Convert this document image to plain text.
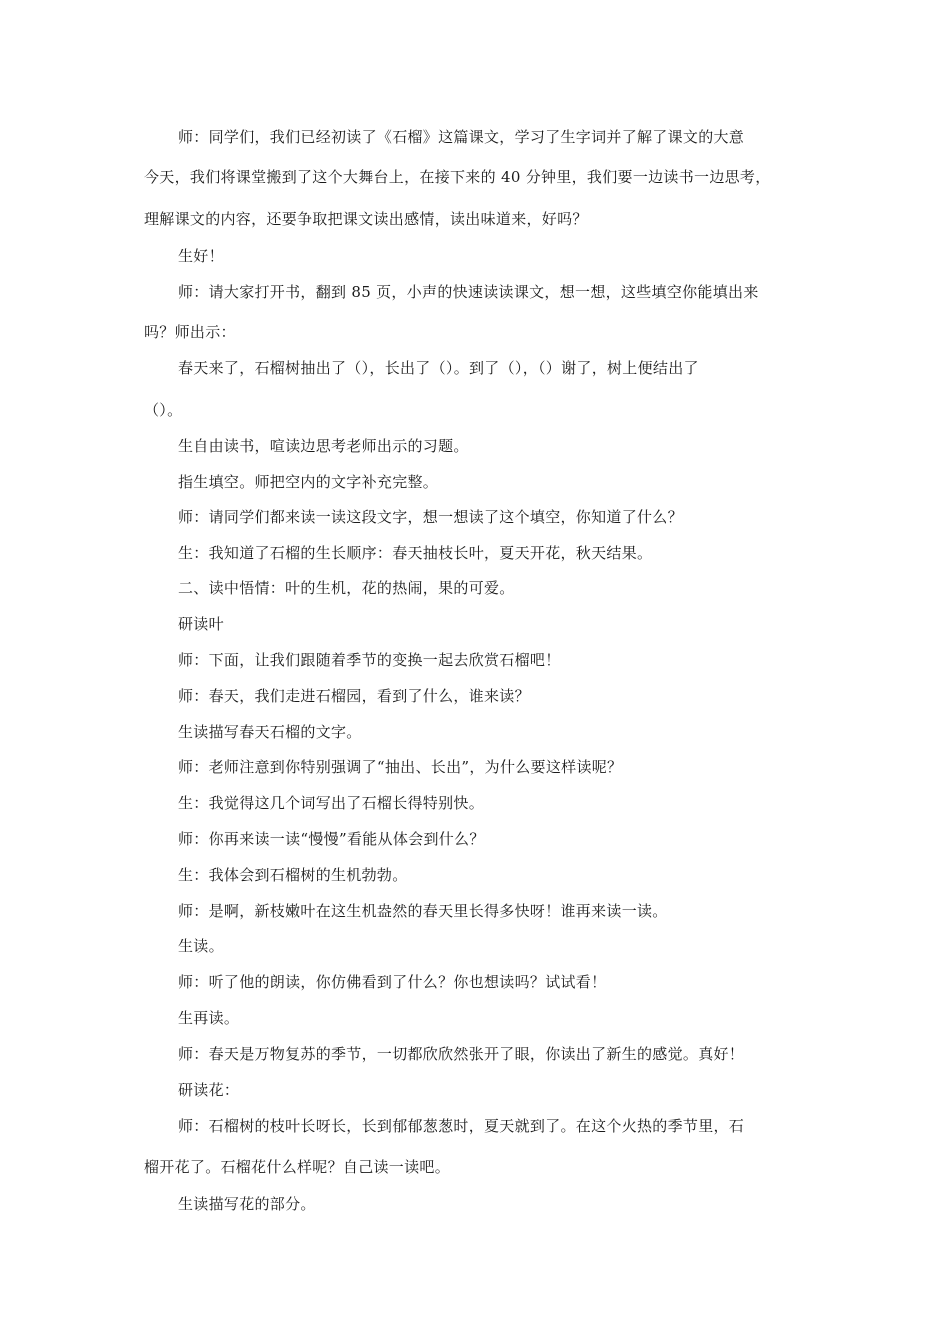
师：同学们，我们已经初读了《石榴》这篇课文，学习了生字词并了解了课文的大意
今天，我们将课堂搬到了这个大舞台上，在接下来的 40 分钟里，我们要一边读书一边思考，
理解课文的内容，还要争取把课文读出感情，读出味道来，好吗？
生好！
师：请大家打开书，翻到 85 页，小声的快速读读课文，想一想，这些填空你能填出来
吗？师出示：
春天来了，石榴树抽出了（），长出了（）。到了（），（）谢了，树上便结出了
（）。
生自由读书，喧读边思考老师出示的习题。
指生填空。师把空内的文字补充完整。
师：请同学们都来读一读这段文字，想一想读了这个填空，你知道了什么？
生：我知道了石榴的生长顺序：春天抽枝长叶，夏天开花，秋天结果。
二、读中悟情：叶的生机，花的热闹，果的可爱。
研读叶
师：下面，让我们跟随着季节的变换一起去欣赏石榴吧！
师：春天，我们走进石榴园，看到了什么，谁来读？
生读描写春天石榴的文字。
师：老师注意到你特别强调了“抽出、长出”，为什么要这样读呢？
生：我觉得这几个词写出了石榴长得特别快。
师：你再来读一读“慢慢”看能从体会到什么？
生：我体会到石榴树的生机勃勃。
师：是啊，新枝嫩叶在这生机盎然的春天里长得多快呀！谁再来读一读。
生读。
师：听了他的朗读，你仿佛看到了什么？你也想读吗？试试看！
生再读。
师：春天是万物复苏的季节，一切都欣欣然张开了眼，你读出了新生的感觉。真好！
研读花：
师：石榴树的枝叶长呀长，长到郁郁葱葱时，夏天就到了。在这个火热的季节里，石
榴开花了。石榴花什么样呢？自己读一读吧。
生读描写花的部分。
